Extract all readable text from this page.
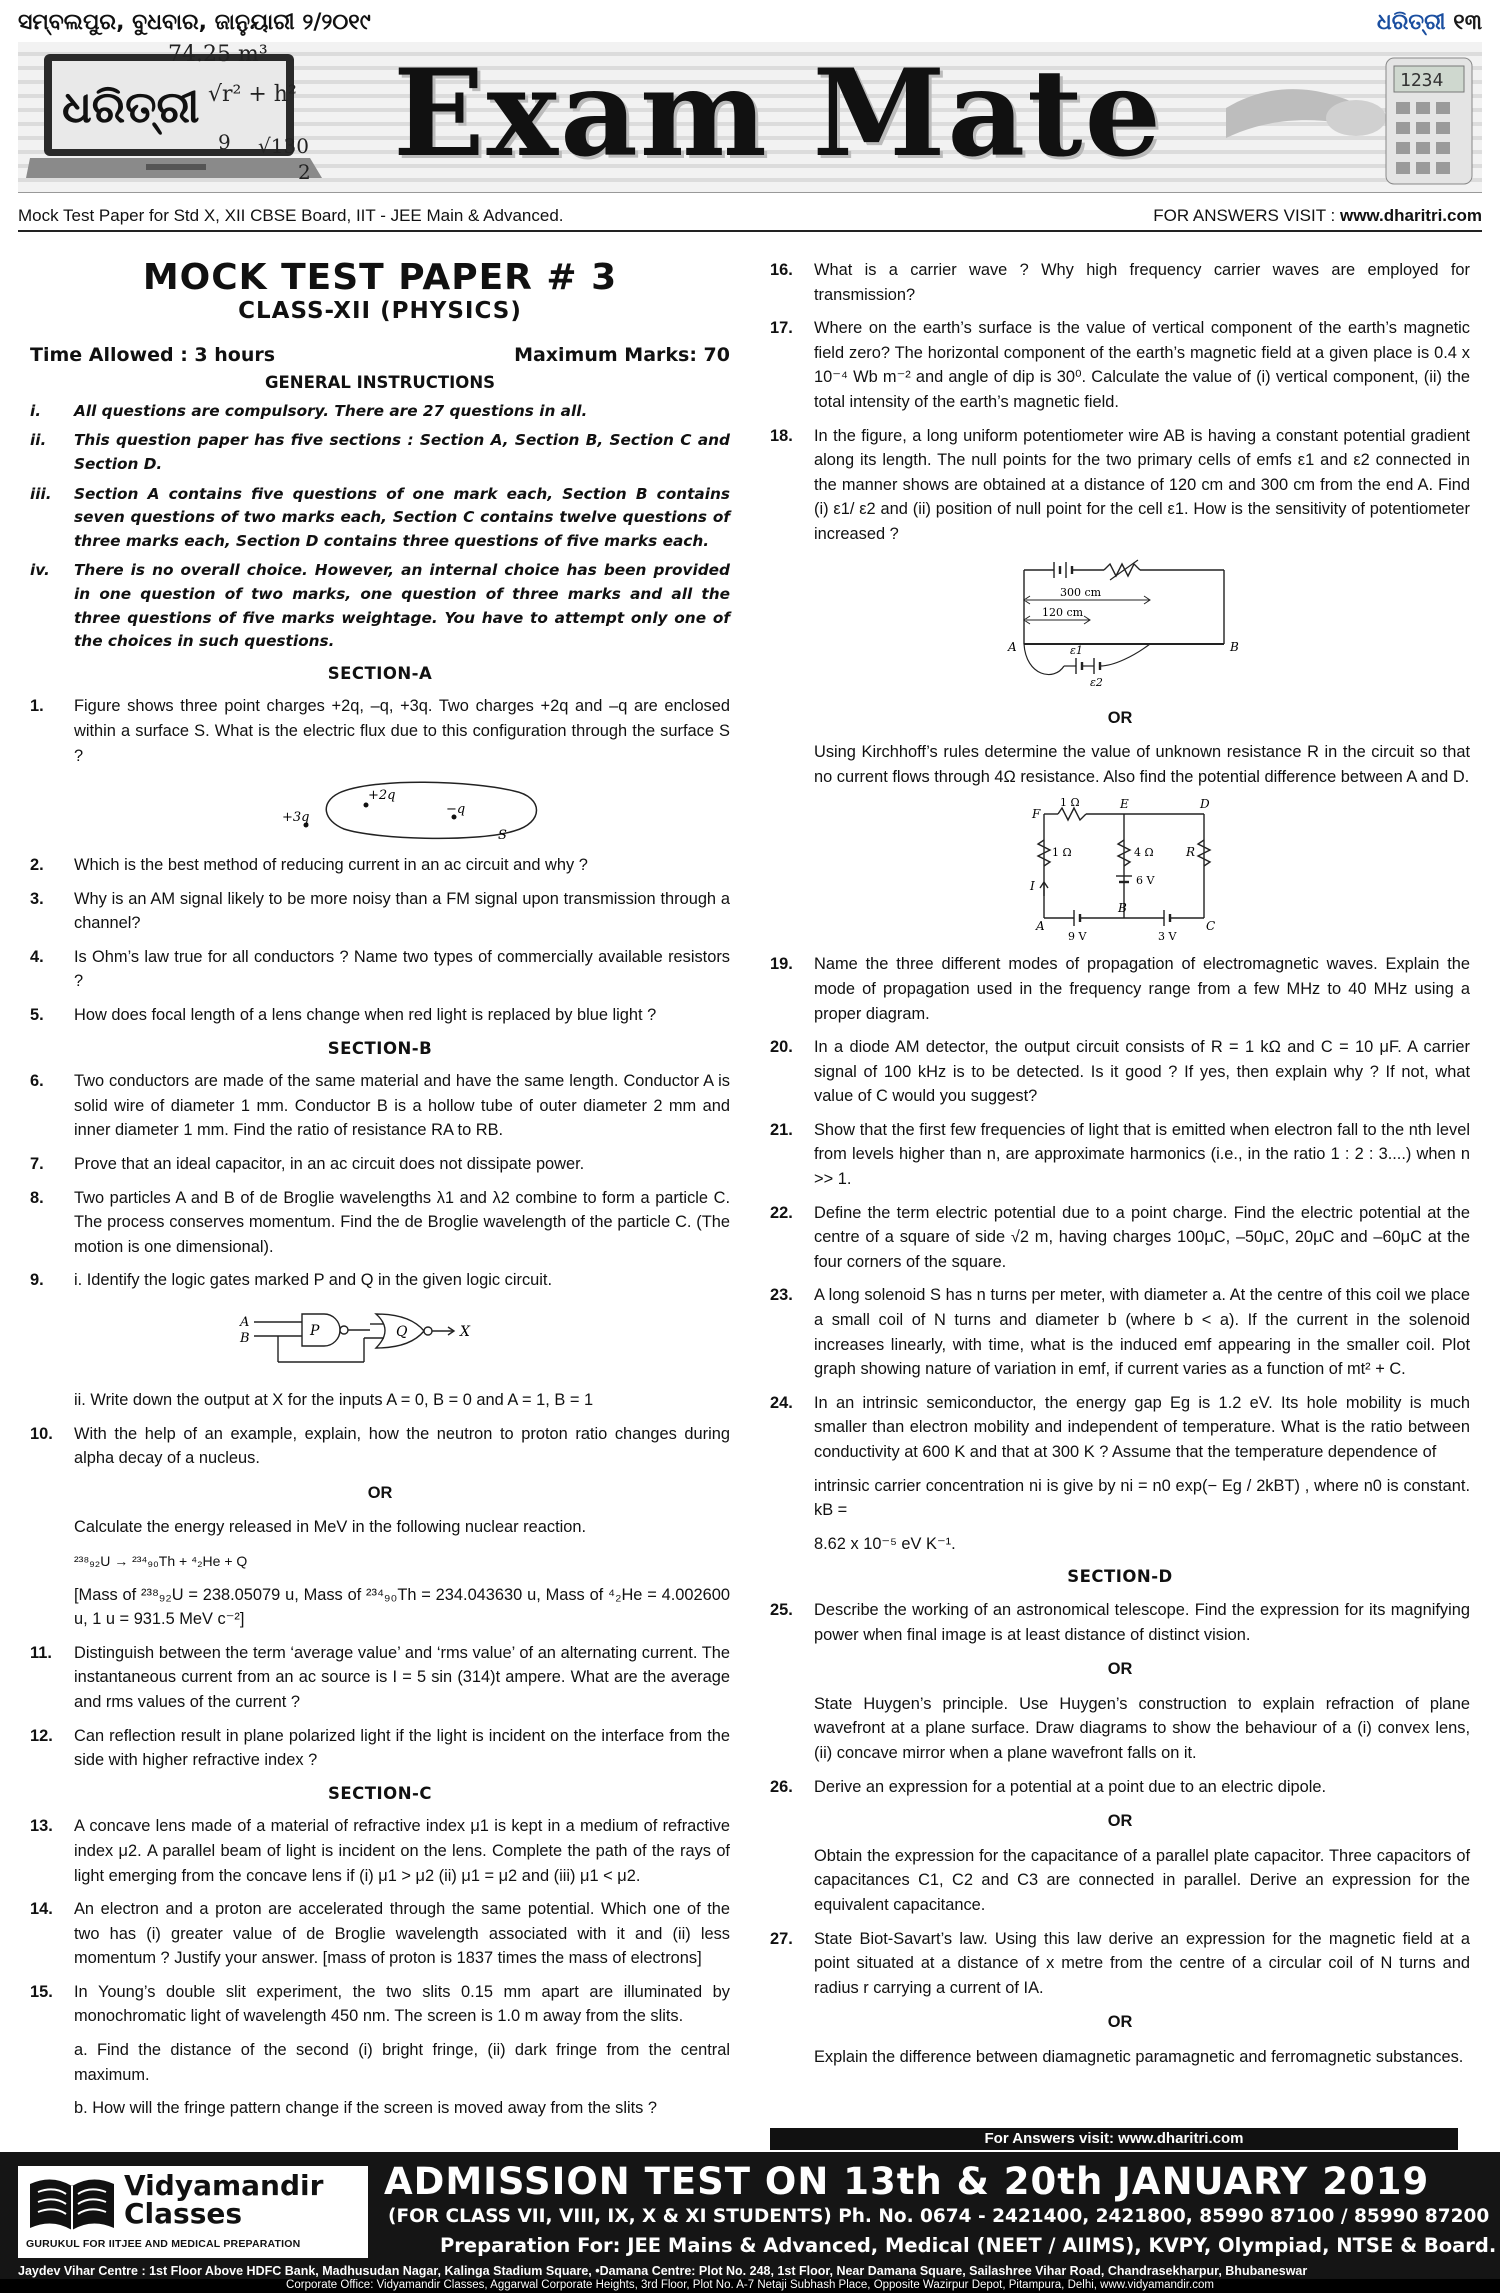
ସମ୍ବଲପୁର, ବୁଧବାର, ଜାନୁୟାରୀ ୨/୨୦୧୯	ଧରିତ୍ରୀ ୧୩
ଧରିତ୍ରୀ
74.25 m³
√r² + h²
√130
9
2 Exam Mate	1234
Mock Test Paper for Std X, XII CBSE Board, IIT - JEE Main & Advanced.	FOR ANSWERS VISIT : www.dharitri.com
MOCK TEST PAPER # 3
CLASS-XII (PHYSICS)
Time Allowed : 3 hours	Maximum Marks: 70
GENERAL INSTRUCTIONS
i.	All questions are compulsory. There are 27 questions in all.
ii.	This question paper has five sections : Section A, Section B, Section C and Section D.
iii.	Section A contains five questions of one mark each, Section B contains seven questions of two marks each, Section C contains twelve questions of three marks each, Section D contains three questions of five marks each.
iv.	There is no overall choice. However, an internal choice has been provided in one question of two marks, one question of three marks and all the three questions of five marks weightage. You have to attempt only one of the choices in such questions.
SECTION-A
1.	Figure shows three point charges +2q, –q, +3q. Two charges +2q and –q are enclosed within a surface S. What is the electric flux due to this configuration through the surface S ?
+2q
−q
+3q
S
2.	Which is the best method of reducing current in an ac circuit and why ?
3.	Why is an AM signal likely to be more noisy than a FM signal upon transmission through a channel?
4.	Is Ohm’s law true for all conductors ? Name two types of commercially available resistors ?
5.	How does focal length of a lens change when red light is replaced by blue light ?
SECTION-B
6.	Two conductors are made of the same material and have the same length. Conductor A is solid wire of diameter 1 mm. Conductor B is a hollow tube of outer diameter 2 mm and inner diameter 1 mm. Find the ratio of resistance RA to RB.
7.	Prove that an ideal capacitor, in an ac circuit does not dissipate power.
8.	Two particles A and B of de Broglie wavelengths λ1 and λ2 combine to form a particle C. The process conserves momentum. Find the de Broglie wavelength of the particle C. (The motion is one dimensional).
9.	i. Identify the logic gates marked P and Q in the given logic circuit.
A
B	P	Q	X
ii. Write down the output at X for the inputs A = 0, B = 0 and A = 1, B = 1
10.	With the help of an example, explain, how the neutron to proton ratio changes during alpha decay of a nucleus.
OR
Calculate the energy released in MeV in the following nuclear reaction.
²³⁸₉₂U → ²³⁴₉₀Th + ⁴₂He + Q
[Mass of ²³⁸₉₂U = 238.05079 u, Mass of ²³⁴₉₀Th = 234.043630 u, Mass of ⁴₂He = 4.002600 u, 1 u = 931.5 MeV c⁻²]
11.	Distinguish between the term ‘average value’ and ‘rms value’ of an alternating current. The instantaneous current from an ac source is I = 5 sin (314)t ampere. What are the average and rms values of the current ?
12.	Can reflection result in plane polarized light if the light is incident on the interface from the side with higher refractive index ?
SECTION-C
13.	A concave lens made of a material of refractive index μ1 is kept in a medium of refractive index μ2. A parallel beam of light is incident on the lens. Complete the path of the rays of light emerging from the concave lens if (i) μ1 > μ2 (ii) μ1 = μ2 and (iii) μ1 < μ2.
14.	An electron and a proton are accelerated through the same potential. Which one of the two has (i) greater value of de Broglie wavelength associated with it and (ii) less momentum ? Justify your answer. [mass of proton is 1837 times the mass of electrons]
15.	In Young’s double slit experiment, the two slits 0.15 mm apart are illuminated by monochromatic light of wavelength 450 nm. The screen is 1.0 m away from the slits.
a. Find the distance of the second (i) bright fringe, (ii) dark fringe from the central maximum.
b. How will the fringe pattern change if the screen is moved away from the slits ?
16.	What is a carrier wave ? Why high frequency carrier waves are employed for transmission?
17.	Where on the earth’s surface is the value of vertical component of the earth’s magnetic field zero? The horizontal component of the earth’s magnetic field at a given place is 0.4 x 10⁻⁴ Wb m⁻² and angle of dip is 30⁰. Calculate the value of (i) vertical component, (ii) the total intensity of the earth’s magnetic field.
18.	In the figure, a long uniform potentiometer wire AB is having a constant potential gradient along its length. The null points for the two primary cells of emfs ε1 and ε2 connected in the manner shows are obtained at a distance of 120 cm and 300 cm from the end A. Find (i) ε1/ ε2 and (ii) position of null point for the cell ε1. How is the sensitivity of potentiometer increased ?
300 cm
120 cm
A	B
ε1
ε2
OR
Using Kirchhoff’s rules determine the value of unknown resistance R in the circuit so that no current flows through 4Ω resistance. Also find the potential difference between A and D.
F
E	D
1 Ω
1 Ω	4 Ω	R
6 V
I
A
B
C
9 V	3 V
19.	Name the three different modes of propagation of electromagnetic waves. Explain the mode of propagation used in the frequency range from a few MHz to 40 MHz using a proper diagram.
20.	In a diode AM detector, the output circuit consists of R = 1 kΩ and C = 10 μF. A carrier signal of 100 kHz is to be detected. Is it good ? If yes, then explain why ? If not, what value of C would you suggest?
21.	Show that the first few frequencies of light that is emitted when electron fall to the nth level from levels higher than n, are approximate harmonics (i.e., in the ratio 1 : 2 : 3....) when n >> 1.
22.	Define the term electric potential due to a point charge. Find the electric potential at the centre of a square of side √2 m, having charges 100μC, –50μC, 20μC and –60μC at the four corners of the square.
23.	A long solenoid S has n turns per meter, with diameter a. At the centre of this coil we place a small coil of N turns and diameter b (where b < a). If the current in the solenoid increases linearly, with time, what is the induced emf appearing in the smaller coil. Plot graph showing nature of variation in emf, if current varies as a function of mt² + C.
24.	In an intrinsic semiconductor, the energy gap Eg is 1.2 eV. Its hole mobility is much smaller than electron mobility and independent of temperature. What is the ratio between conductivity at 600 K and that at 300 K ? Assume that the temperature dependence of
intrinsic carrier concentration ni is give by ni = n0 exp(− Eg / 2kBT) , where n0 is constant. kB =
8.62 x 10⁻⁵ eV K⁻¹.
SECTION-D
25.	Describe the working of an astronomical telescope. Find the expression for its magnifying power when final image is at least distance of distinct vision.
OR
State Huygen’s principle. Use Huygen’s construction to explain refraction of plane wavefront at a plane surface. Draw diagrams to show the behaviour of a (i) convex lens, (ii) concave mirror when a plane wavefront falls on it.
26.	Derive an expression for a potential at a point due to an electric dipole.
OR
Obtain the expression for the capacitance of a parallel plate capacitor. Three capacitors of capacitances C1, C2 and C3 are connected in parallel. Derive an expression for the equivalent capacitance.
27.	State Biot-Savart’s law. Using this law derive an expression for the magnetic field at a point situated at a distance of x metre from the centre of a circular coil of N turns and radius r carrying a current of IA.
OR
Explain the difference between diamagnetic paramagnetic and ferromagnetic substances.
For Answers visit: www.dharitri.com
Vidyamandir
Classes
GURUKUL FOR IITJEE AND MEDICAL PREPARATION
ADMISSION TEST ON 13th & 20th JANUARY 2019
(FOR CLASS VII, VIII, IX, X & XI STUDENTS) Ph. No. 0674 - 2421400, 2421800, 85990 87100 / 85990 87200
Preparation For: JEE Mains & Advanced, Medical (NEET / AIIMS), KVPY, Olympiad, NTSE & Board.
Jaydev Vihar Centre : 1st Floor Above HDFC Bank, Madhusudan Nagar, Kalinga Stadium Square, •Damana Centre: Plot No. 248, 1st Floor, Near Damana Square, Sailashree Vihar Road, Chandrasekharpur, Bhubaneswar
Corporate Office: Vidyamandir Classes, Aggarwal Corporate Heights, 3rd Floor, Plot No. A-7 Netaji Subhash Place, Opposite Wazirpur Depot, Pitampura, Delhi, www.vidyamandir.com
